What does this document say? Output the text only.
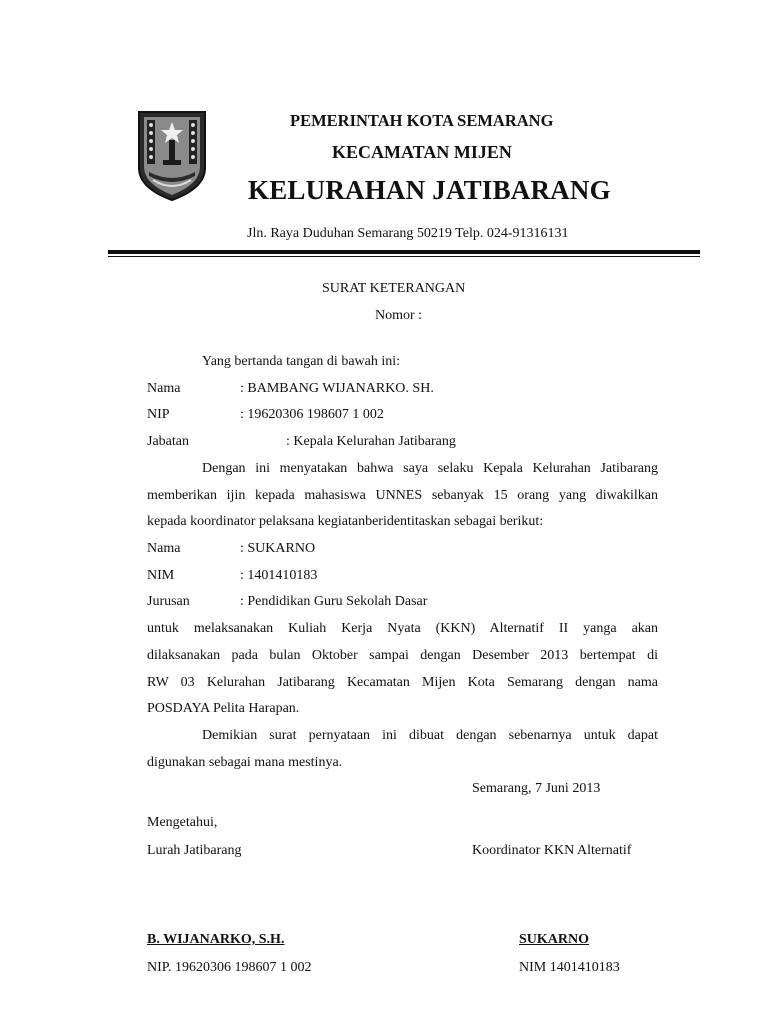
PEMERINTAH KOTA SEMARANG
KECAMATAN MIJEN
KELURAHAN JATIBARANG
Jln. Raya Duduhan Semarang 50219 Telp. 024-91316131
SURAT KETERANGAN
Nomor :
Yang bertanda tangan di bawah ini:
Nama	: BAMBANG WIJANARKO. SH.
NIP	: 19620306 198607 1 002
Jabatan	: Kepala Kelurahan Jatibarang
Dengan ini menyatakan bahwa saya selaku Kepala Kelurahan Jatibarang
memberikan ijin kepada mahasiswa UNNES sebanyak 15 orang yang diwakilkan
kepada koordinator pelaksana kegiatanberidentitaskan sebagai berikut:
Nama	: SUKARNO
NIM	: 1401410183
Jurusan	: Pendidikan Guru Sekolah Dasar
untuk melaksanakan Kuliah Kerja Nyata (KKN) Alternatif II yanga akan
dilaksanakan pada bulan Oktober sampai dengan Desember 2013 bertempat di
RW 03 Kelurahan Jatibarang Kecamatan Mijen Kota Semarang dengan nama
POSDAYA Pelita Harapan.
Demikian surat pernyataan ini dibuat dengan sebenarnya untuk dapat
digunakan sebagai mana mestinya.
Semarang, 7 Juni 2013
Mengetahui,
Lurah Jatibarang	Koordinator KKN Alternatif
B. WIJANARKO, S.H.	SUKARNO
NIP. 19620306 198607 1 002	NIM 1401410183
